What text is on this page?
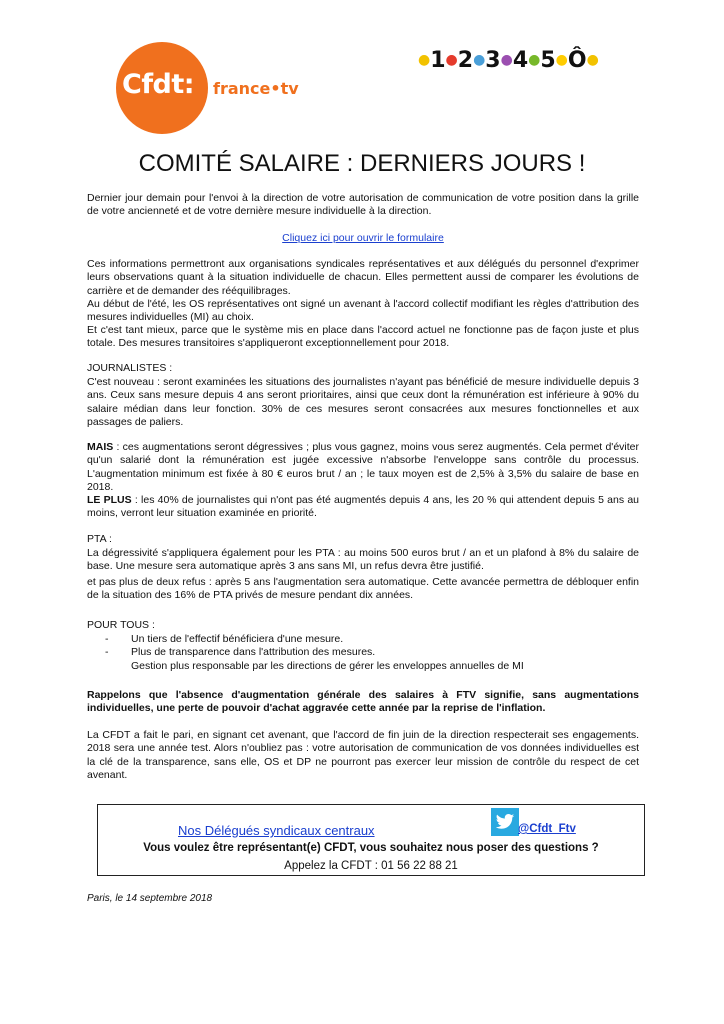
Cfdt: france•tv
●1●2●3●4●5●Ô●
COMITÉ SALAIRE : DERNIERS JOURS !

Dernier jour demain pour l'envoi à la direction de votre autorisation de communication de votre position dans la grille de votre ancienneté et de votre dernière mesure individuelle à la direction.

Cliquez ici pour ouvrir le formulaire

Ces informations permettront aux organisations syndicales représentatives et aux délégués du personnel d'exprimer leurs observations quant à la situation individuelle de chacun. Elles permettent aussi de comparer les évolutions de carrière et de demander des rééquilibrages.

Au début de l'été, les OS représentatives ont signé un avenant à l'accord collectif modifiant les règles d'attribution des mesures individuelles (MI) au choix.

Et c'est tant mieux, parce que le système mis en place dans l'accord actuel ne fonctionne pas de façon juste et plus totale. Des mesures transitoires s'appliqueront exceptionnellement pour 2018.

JOURNALISTES :

C'est nouveau : seront examinées les situations des journalistes n'ayant pas bénéficié de mesure individuelle depuis 3 ans. Ceux sans mesure depuis 4 ans seront prioritaires, ainsi que ceux dont la rémunération est inférieure à 90% du salaire médian dans leur fonction. 30% de ces mesures seront consacrées aux mesures fonctionnelles et aux passages de paliers.

MAIS : ces augmentations seront dégressives ; plus vous gagnez, moins vous serez augmentés. Cela permet d'éviter qu'un salarié dont la rémunération est jugée excessive n'absorbe l'enveloppe sans contrôle du processus. L'augmentation minimum est fixée à 80 € euros brut / an ; le taux moyen est de 2,5% à 3,5% du salaire de base en 2018.

LE PLUS : les 40% de journalistes qui n'ont pas été augmentés depuis 4 ans, les 20 % qui attendent depuis 5 ans au moins, verront leur situation examinée en priorité.

PTA :

La dégressivité s'appliquera également pour les PTA : au moins 500 euros brut / an et un plafond à 8% du salaire de base. Une mesure sera automatique après 3 ans sans MI, un refus devra être justifié.

et pas plus de deux refus : après 5 ans l'augmentation sera automatique. Cette avancée permettra de débloquer enfin de la situation des 16% de PTA privés de mesure pendant dix années.

POUR TOUS :

- Un tiers de l'effectif bénéficiera d'une mesure.
- Plus de transparence dans l'attribution des mesures.
Gestion plus responsable par les directions de gérer les enveloppes annuelles de MI

Rappelons que l'absence d'augmentation générale des salaires à FTV signifie, sans augmentations individuelles, une perte de pouvoir d'achat aggravée cette année par la reprise de l'inflation.

La CFDT a fait le pari, en signant cet avenant, que l'accord de fin juin de la direction respecterait ses engagements. 2018 sera une année test. Alors n'oubliez pas : votre autorisation de communication de vos données individuelles est la clé de la transparence, sans elle, OS et DP ne pourront pas exercer leur mission de contrôle du respect de cet avenant.

Nos Délégués syndicaux centraux	@Cfdt_Ftv
Vous voulez être représentant(e) CFDT, vous souhaitez nous poser des questions ?
Appelez la CFDT : 01 56 22 88 21
Paris, le 14 septembre 2018
